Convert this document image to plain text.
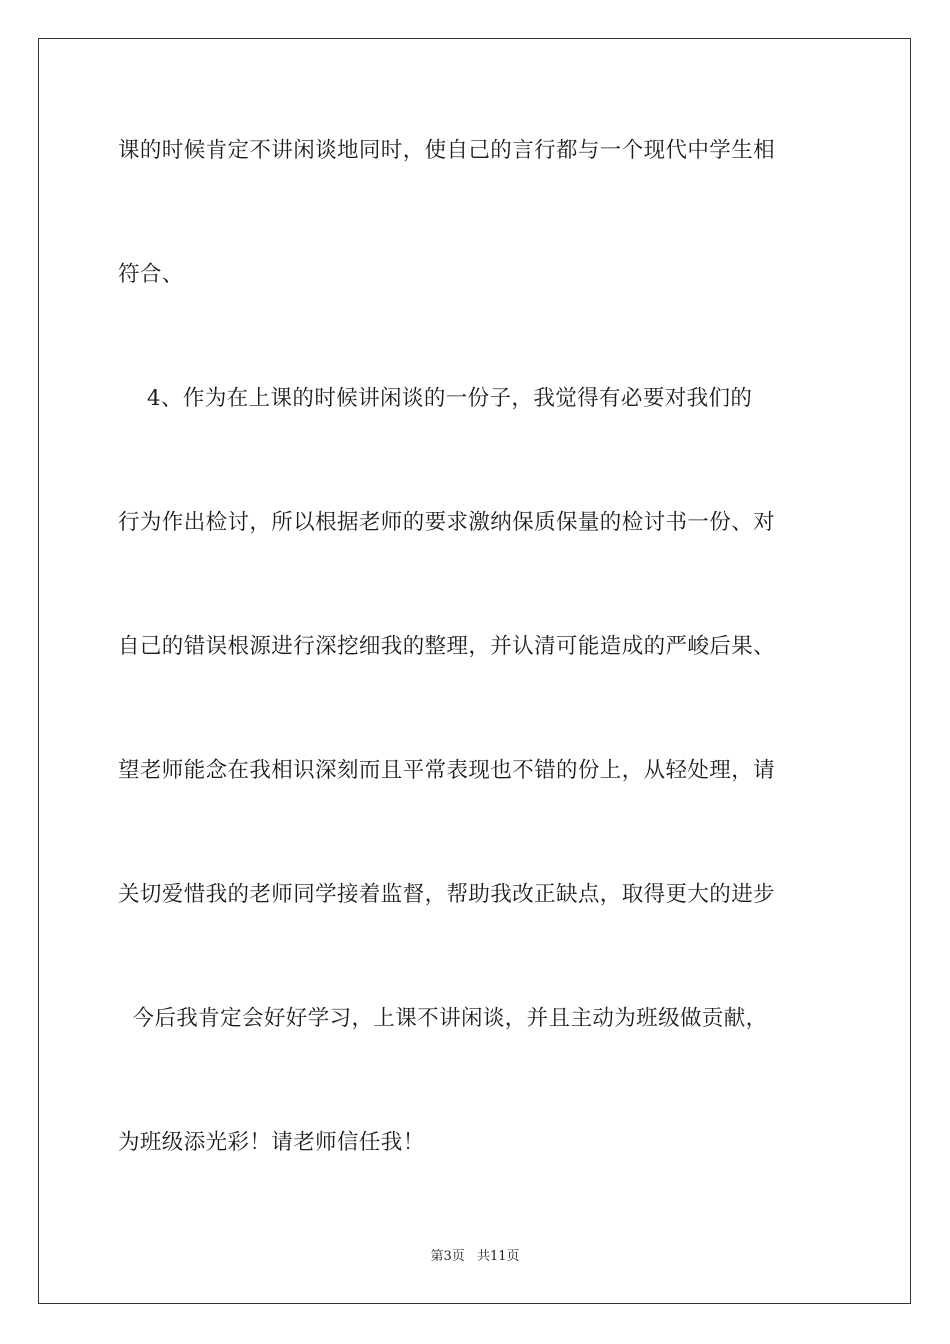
课的时候肯定不讲闲谈地同时，使自己的言行都与一个现代中学生相
符合、
4、作为在上课的时候讲闲谈的一份子，我觉得有必要对我们的
行为作出检讨，所以根据老师的要求激纳保质保量的检讨书一份、对
自己的错误根源进行深挖细我的整理，并认清可能造成的严峻后果、
望老师能念在我相识深刻而且平常表现也不错的份上，从轻处理，请
关切爱惜我的老师同学接着监督，帮助我改正缺点，取得更大的进步
今后我肯定会好好学习，上课不讲闲谈，并且主动为班级做贡献，
为班级添光彩！请老师信任我！
第3页 共11页
